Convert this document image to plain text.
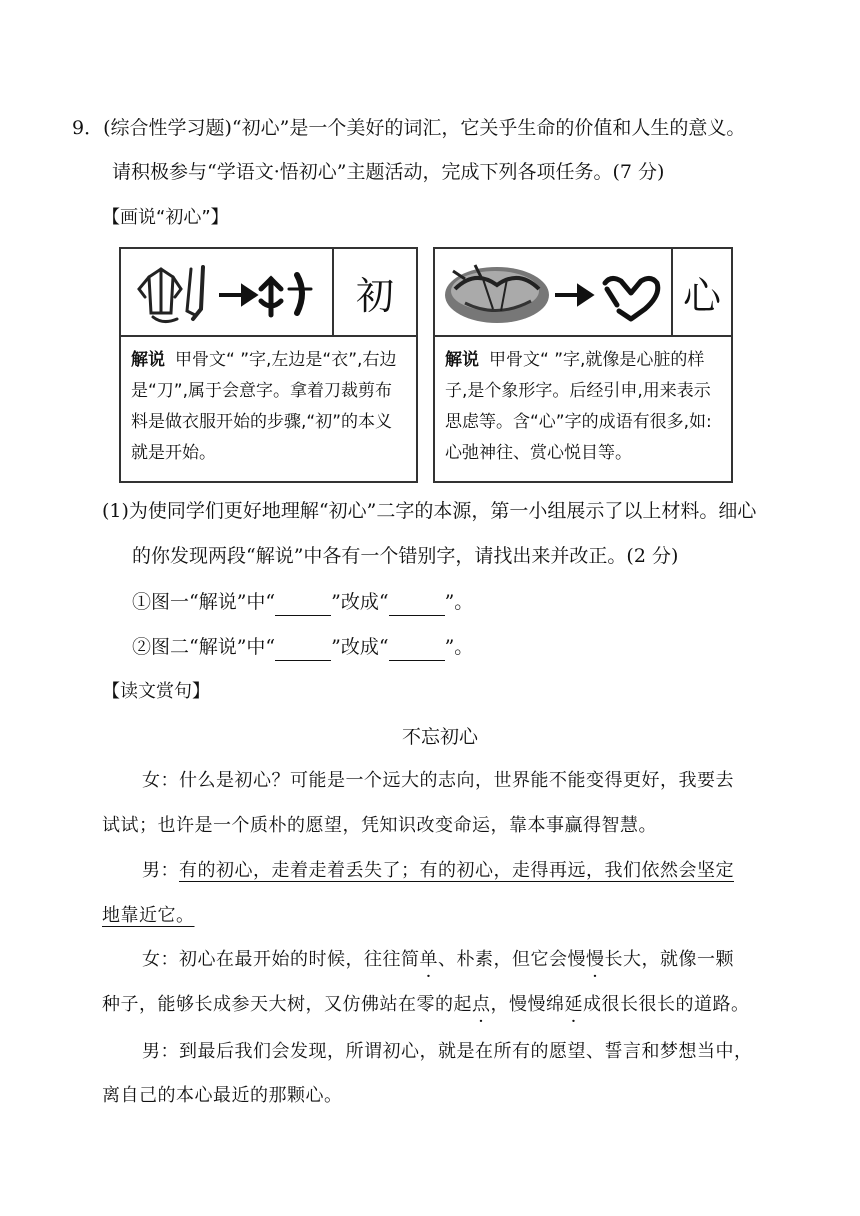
9．(综合性学习题)“初心”是一个美好的词汇，它关乎生命的价值和人生的意义。
请积极参与“学语文·悟初心”主题活动，完成下列各项任务。(7 分)
【画说“初心”】
初
解说 甲骨文“ ”字,左边是“衣”,右边是“刀”,属于会意字。拿着刀裁剪布料是做衣服开始的步骤,“初”的本义就是开始。
心
解说 甲骨文“ ”字,就像是心脏的样子,是个象形字。后经引申,用来表示思虑等。含“心”字的成语有很多,如:心弛神往、赏心悦目等。
(1)为使同学们更好地理解“初心”二字的本源，第一小组展示了以上材料。细心
的你发现两段“解说”中各有一个错别字，请找出来并改正。(2 分)
①图一“解说”中“	”改成“	”。
②图二“解说”中“	”改成“	”。
【读文赏句】
不忘初心
女：什么是初心？可能是一个远大的志向，世界能不能变得更好，我要去
试试；也许是一个质朴的愿望，凭知识改变命运，靠本事赢得智慧。
男：有的初心，走着走着丢失了；有的初心，走得再远，我们依然会坚定
地靠近它。
女：初心在最开始的时候，往往简单、朴素，但它会慢慢长大，就像一颗
种子，能够长成参天大树，又仿佛站在零的起点，慢慢绵延成很长很长的道路。
男：到最后我们会发现，所谓初心，就是在所有的愿望、誓言和梦想当中，
离自己的本心最近的那颗心。
